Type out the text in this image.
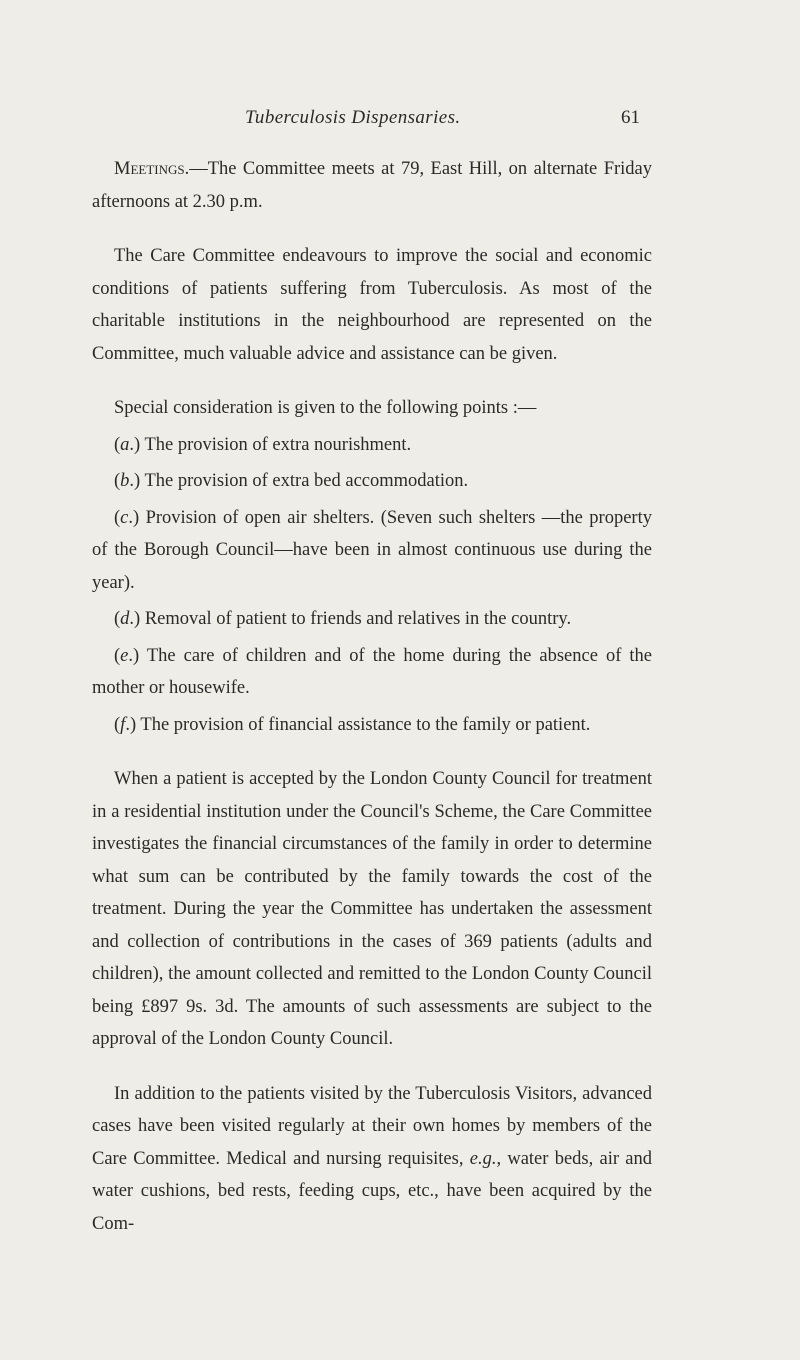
Tuberculosis Dispensaries.	61

Meetings.—The Committee meets at 79, East Hill, on alternate Friday afternoons at 2.30 p.m.

The Care Committee endeavours to improve the social and economic conditions of patients suffering from Tuberculosis. As most of the charitable institutions in the neighbourhood are represented on the Committee, much valuable advice and assistance can be given.

Special consideration is given to the following points :—

(a.) The provision of extra nourishment.

(b.) The provision of extra bed accommodation.

(c.) Provision of open air shelters. (Seven such shelters —the property of the Borough Council—have been in almost continuous use during the year).

(d.) Removal of patient to friends and relatives in the country.

(e.) The care of children and of the home during the absence of the mother or housewife.

(f.) The provision of financial assistance to the family or patient.

When a patient is accepted by the London County Council for treatment in a residential institution under the Council's Scheme, the Care Committee investigates the financial circumstances of the family in order to determine what sum can be contributed by the family towards the cost of the treatment. During the year the Committee has undertaken the assessment and collection of contributions in the cases of 369 patients (adults and children), the amount collected and remitted to the London County Council being £897 9s. 3d. The amounts of such assessments are subject to the approval of the London County Council.

In addition to the patients visited by the Tuberculosis Visitors, advanced cases have been visited regularly at their own homes by members of the Care Committee. Medical and nursing requisites, e.g., water beds, air and water cushions, bed rests, feeding cups, etc., have been acquired by the Com-
